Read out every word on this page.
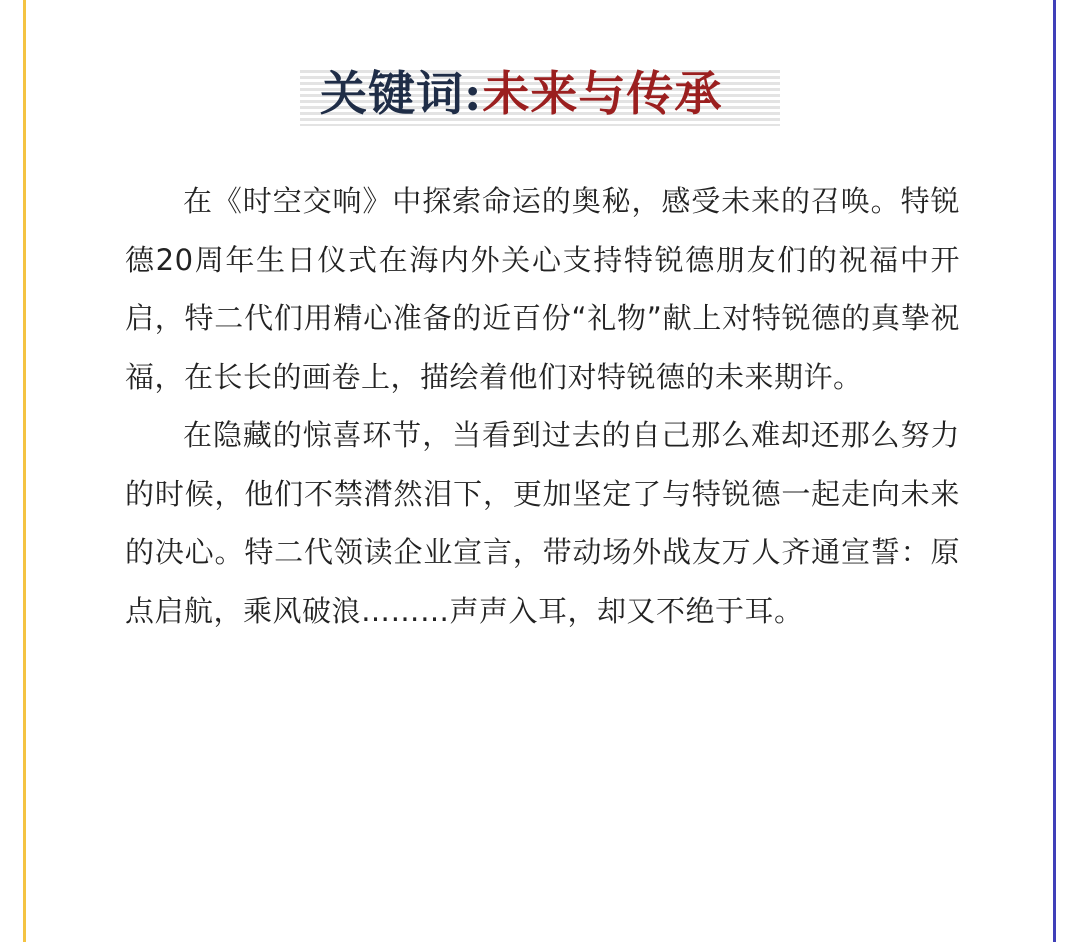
关键词:未来与传承

在《时空交响》中探索命运的奥秘，感受未来的召唤。特锐德20周年生日仪式在海内外关心支持特锐德朋友们的祝福中开启，特二代们用精心准备的近百份“礼物”献上对特锐德的真挚祝福，在长长的画卷上，描绘着他们对特锐德的未来期许。

在隐藏的惊喜环节，当看到过去的自己那么难却还那么努力的时候，他们不禁潸然泪下，更加坚定了与特锐德一起走向未来的决心。特二代领读企业宣言，带动场外战友万人齐通宣誓：原点启航，乘风破浪………声声入耳，却又不绝于耳。
